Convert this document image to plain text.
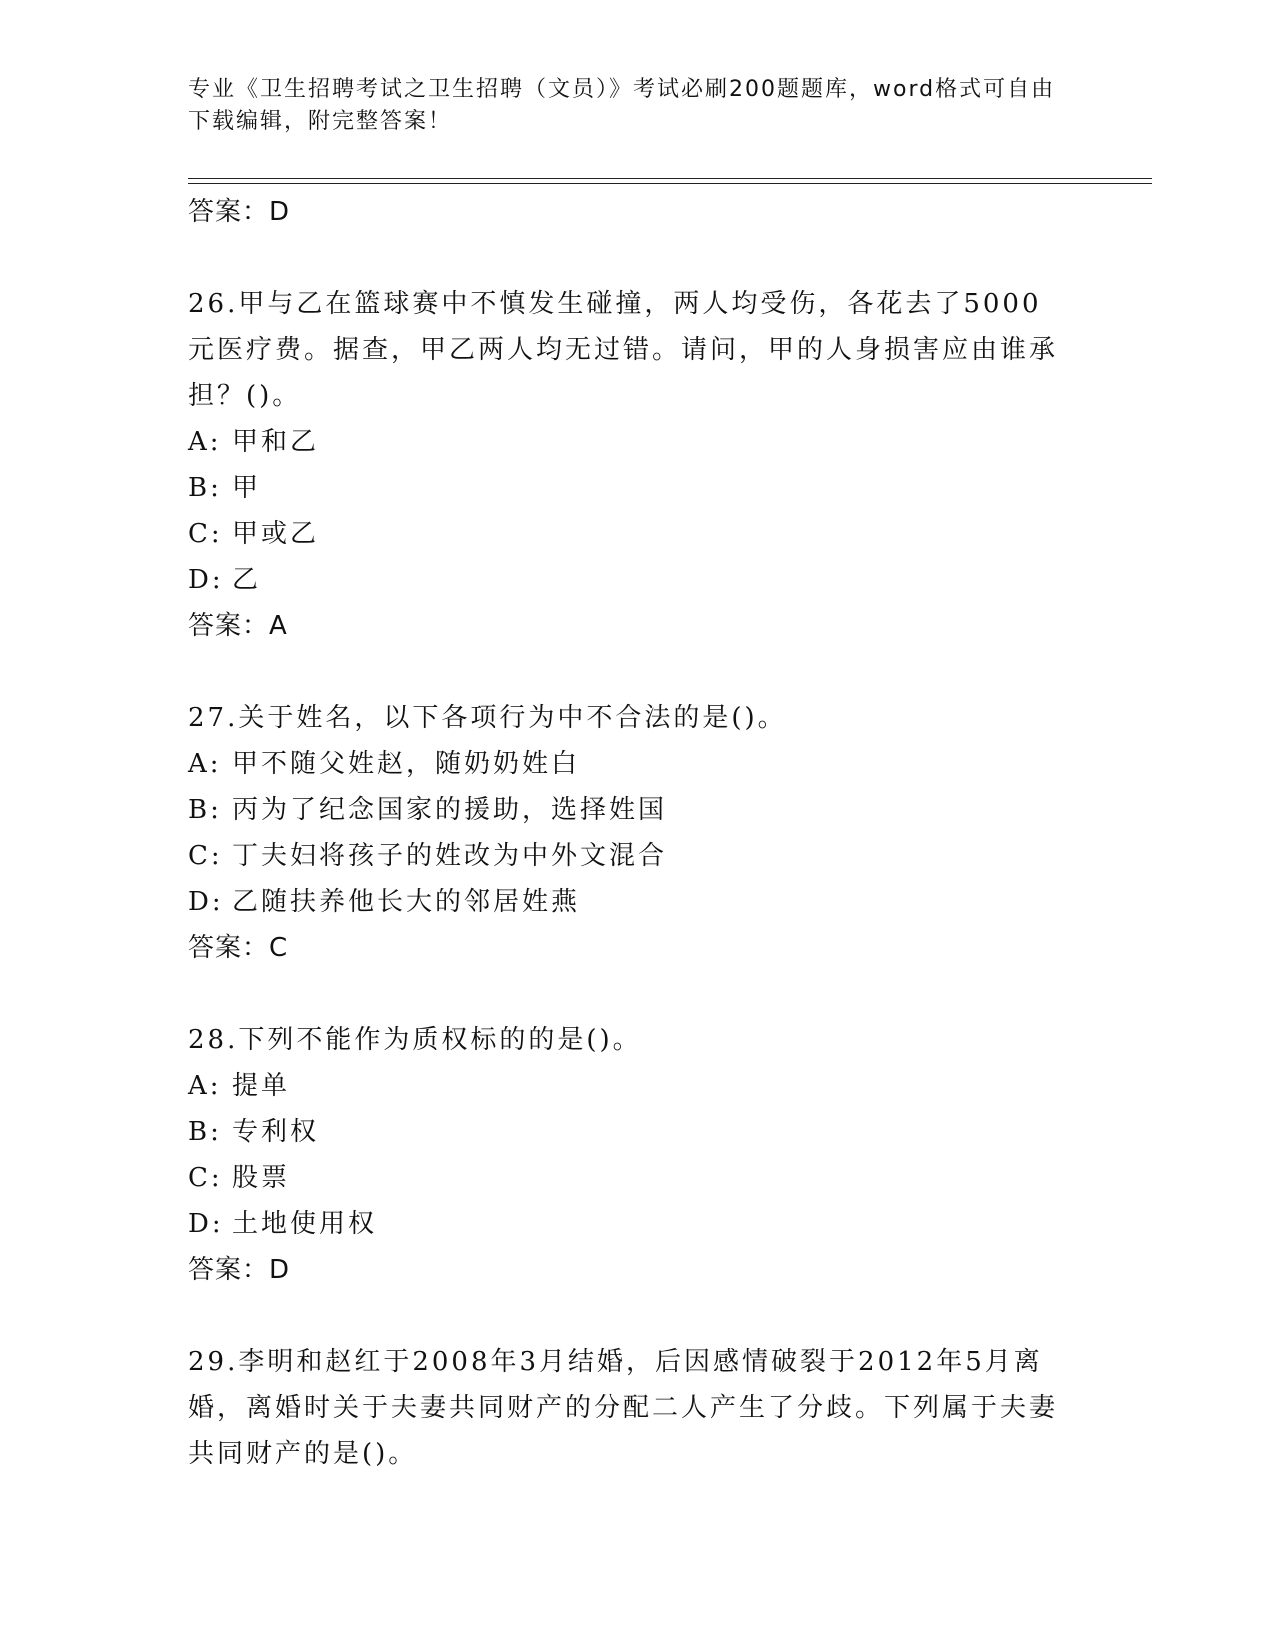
专业《卫生招聘考试之卫生招聘（文员）》考试必刷200题题库，word格式可自由下载编辑，附完整答案！

答案：D

26.甲与乙在篮球赛中不慎发生碰撞，两人均受伤，各花去了5000元医疗费。据查，甲乙两人均无过错。请问，甲的人身损害应由谁承担？()。

A: 甲和乙
B: 甲
C: 甲或乙
D: 乙

答案：A

27.关于姓名，以下各项行为中不合法的是()。

A: 甲不随父姓赵，随奶奶姓白
B: 丙为了纪念国家的援助，选择姓国
C: 丁夫妇将孩子的姓改为中外文混合
D: 乙随扶养他长大的邻居姓燕

答案：C

28.下列不能作为质权标的的是()。

A: 提单
B: 专利权
C: 股票
D: 土地使用权

答案：D

29.李明和赵红于2008年3月结婚，后因感情破裂于2012年5月离婚，离婚时关于夫妻共同财产的分配二人产生了分歧。下列属于夫妻共同财产的是()。
